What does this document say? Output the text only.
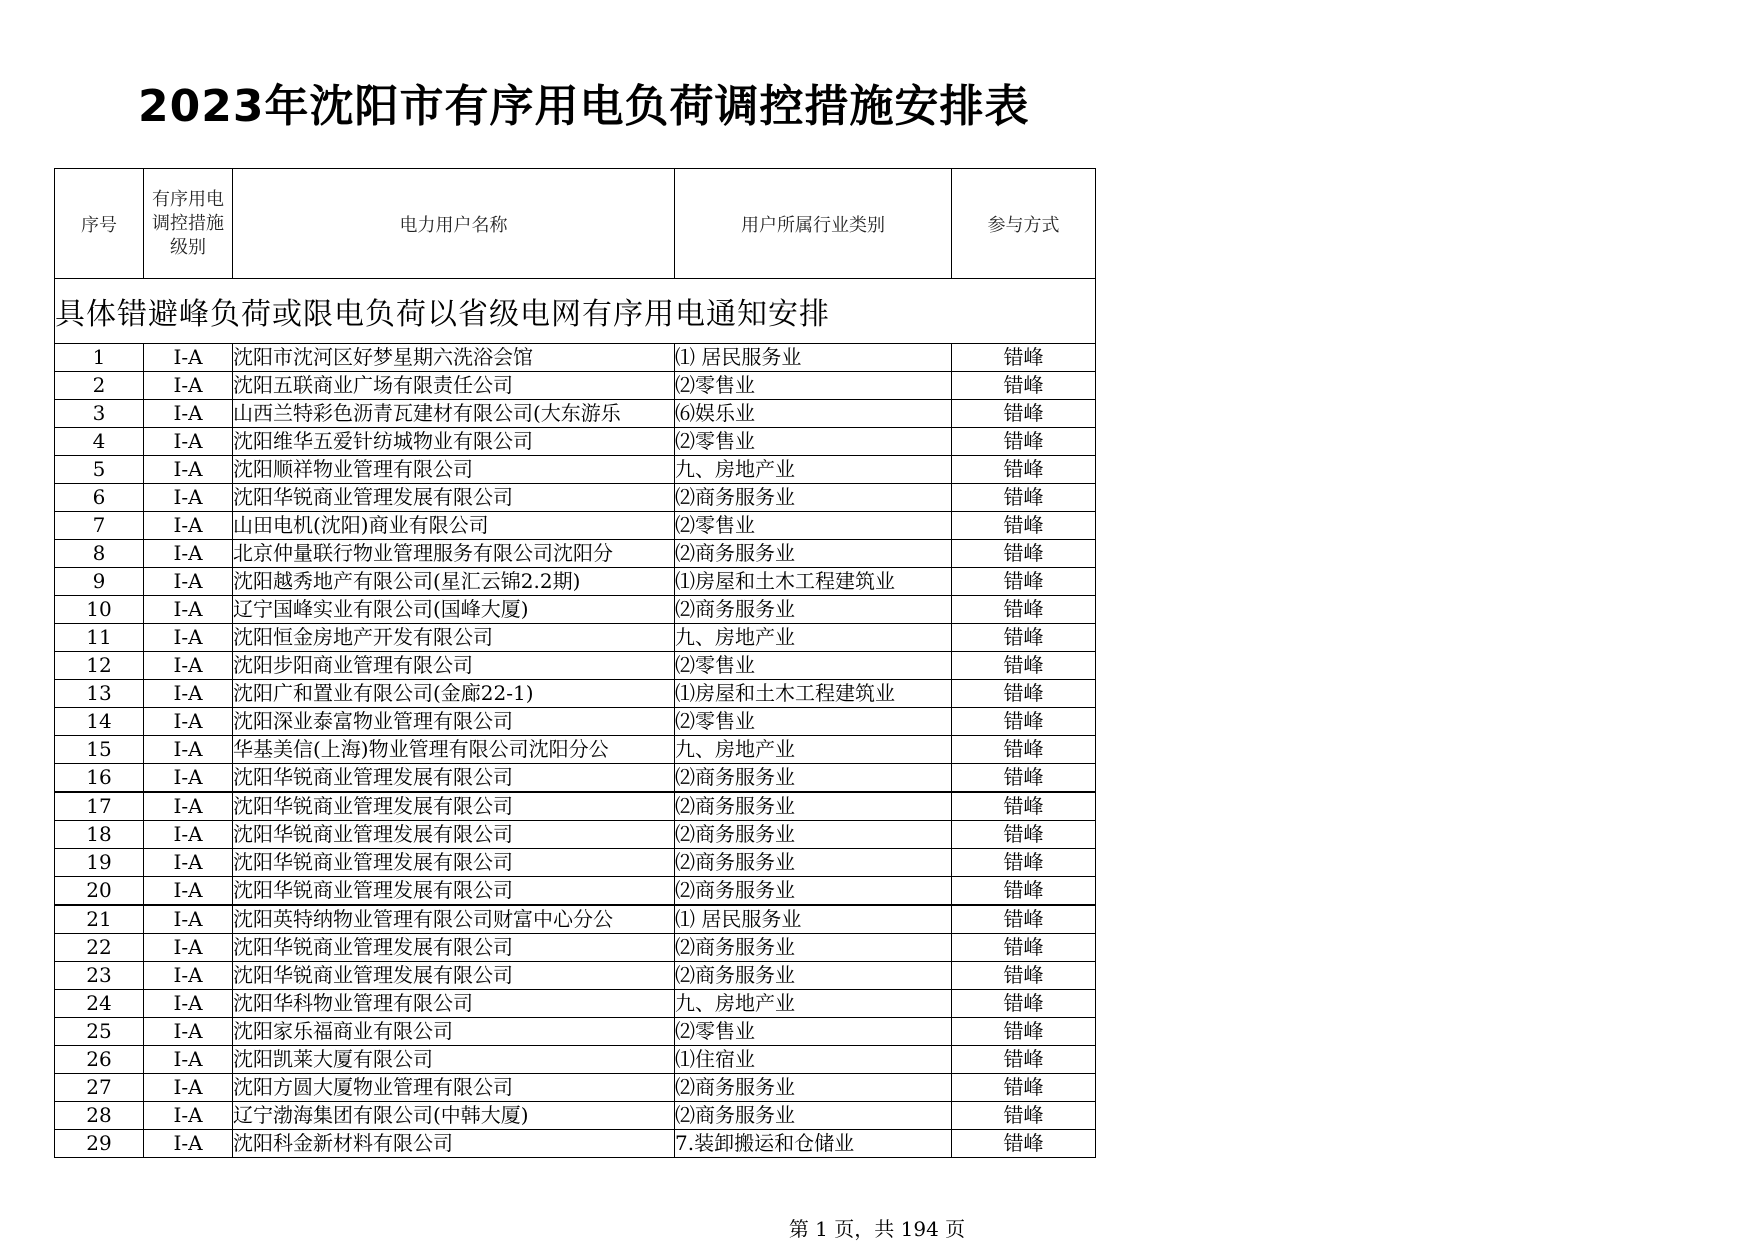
2023年沈阳市有序用电负荷调控措施安排表
序号	有序用电调控措施级别	电力用户名称	用户所属行业类别	参与方式
具体错避峰负荷或限电负荷以省级电网有序用电通知安排				
1	I-A	沈阳市沈河区好梦星期六洗浴会馆	⑴ 居民服务业	错峰
2	I-A	沈阳五联商业广场有限责任公司	⑵零售业	错峰
3	I-A	山西兰特彩色沥青瓦建材有限公司(大东游乐	⑹娱乐业	错峰
4	I-A	沈阳维华五爱针纺城物业有限公司	⑵零售业	错峰
5	I-A	沈阳顺祥物业管理有限公司	九、房地产业	错峰
6	I-A	沈阳华锐商业管理发展有限公司	⑵商务服务业	错峰
7	I-A	山田电机(沈阳)商业有限公司	⑵零售业	错峰
8	I-A	北京仲量联行物业管理服务有限公司沈阳分	⑵商务服务业	错峰
9	I-A	沈阳越秀地产有限公司(星汇云锦2.2期)	⑴房屋和土木工程建筑业	错峰
10	I-A	辽宁国峰实业有限公司(国峰大厦)	⑵商务服务业	错峰
11	I-A	沈阳恒金房地产开发有限公司	九、房地产业	错峰
12	I-A	沈阳步阳商业管理有限公司	⑵零售业	错峰
13	I-A	沈阳广和置业有限公司(金廊22-1)	⑴房屋和土木工程建筑业	错峰
14	I-A	沈阳深业泰富物业管理有限公司	⑵零售业	错峰
15	I-A	华基美信(上海)物业管理有限公司沈阳分公	九、房地产业	错峰
16	I-A	沈阳华锐商业管理发展有限公司	⑵商务服务业	错峰
17	I-A	沈阳华锐商业管理发展有限公司	⑵商务服务业	错峰
18	I-A	沈阳华锐商业管理发展有限公司	⑵商务服务业	错峰
19	I-A	沈阳华锐商业管理发展有限公司	⑵商务服务业	错峰
20	I-A	沈阳华锐商业管理发展有限公司	⑵商务服务业	错峰
21	I-A	沈阳英特纳物业管理有限公司财富中心分公	⑴ 居民服务业	错峰
22	I-A	沈阳华锐商业管理发展有限公司	⑵商务服务业	错峰
23	I-A	沈阳华锐商业管理发展有限公司	⑵商务服务业	错峰
24	I-A	沈阳华科物业管理有限公司	九、房地产业	错峰
25	I-A	沈阳家乐福商业有限公司	⑵零售业	错峰
26	I-A	沈阳凯莱大厦有限公司	⑴住宿业	错峰
27	I-A	沈阳方圆大厦物业管理有限公司	⑵商务服务业	错峰
28	I-A	辽宁渤海集团有限公司(中韩大厦)	⑵商务服务业	错峰
29	I-A	沈阳科金新材料有限公司	7.装卸搬运和仓储业	错峰
第 1 页，共 194 页
